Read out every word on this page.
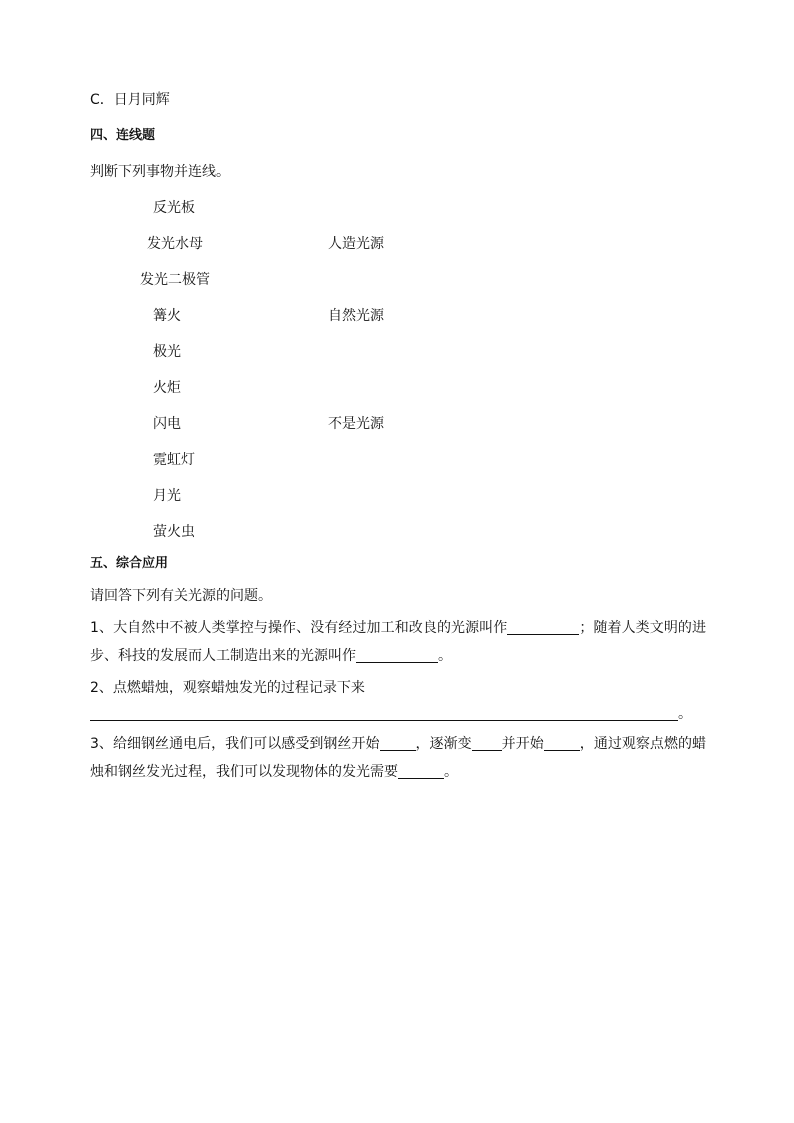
C．日月同辉
四、连线题
判断下列事物并连线。
反光板
发光水母
发光二极管
篝火
极光
火炬
闪电
霓虹灯
月光
萤火虫
人造光源
自然光源
不是光源
五、综合应用
请回答下列有关光源的问题。
1、大自然中不被人类掌控与操作、没有经过加工和改良的光源叫作	；随着人类文明的进步、科技的发展而人工制造出来的光源叫作	。
2、点燃蜡烛，观察蜡烛发光的过程记录下来
。
3、给细钢丝通电后，我们可以感受到钢丝开始	，逐渐变 并开始	，通过观察点燃的蜡烛和钢丝发光过程，我们可以发现物体的发光需要	。
